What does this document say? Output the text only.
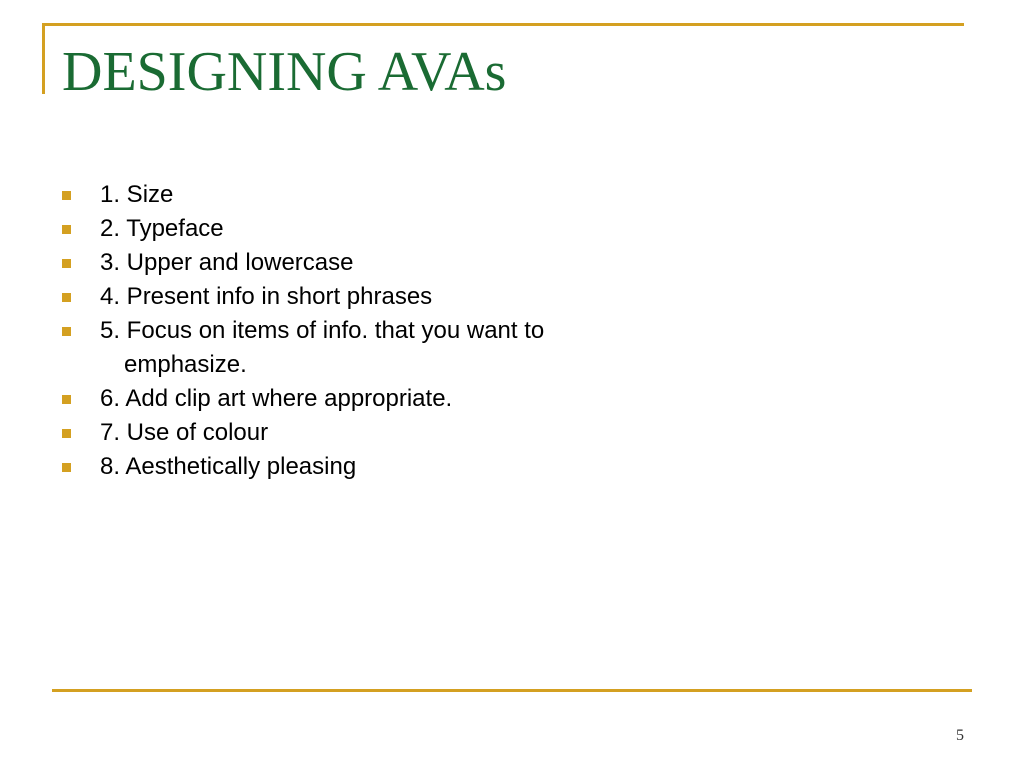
DESIGNING AVAs
1. Size
2. Typeface
3. Upper and lowercase
4. Present info in short phrases
5. Focus on items of info. that you want to
emphasize.
6. Add clip art where appropriate.
7. Use of colour
8. Aesthetically pleasing
5
